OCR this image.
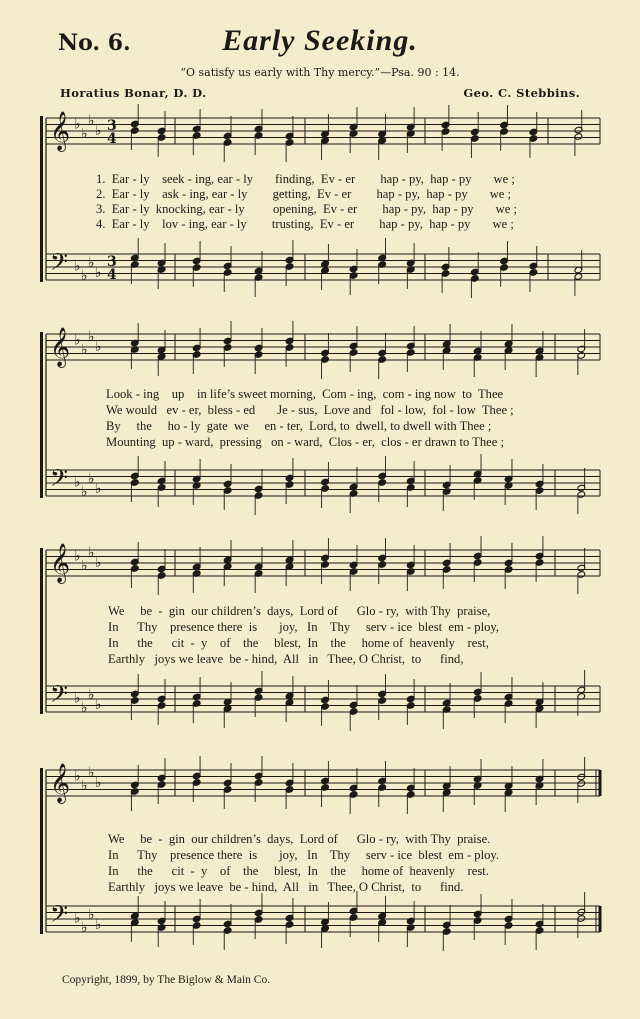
No. 6.	Early Seeking.
“O satisfy us early with Thy mercy.”—Psa. 90 : 14.
Horatius Bonar, D. D.	Geo. C. Stebbins.
𝄞
𝄢
♭
♭
♭
♭
♭
♭
♭
♭
3
4
3
4
𝄞
𝄢
♭
♭
♭
♭
♭
♭
♭
♭
𝄞
𝄢
♭
♭
♭
♭
♭
♭
♭
♭
𝄞
𝄢
♭
♭
♭
♭
♭
♭
♭
♭
1.  Ear - ly    seek - ing, ear - ly       finding,  Ev - er        hap - py,  hap - py       we ;
2.  Ear - ly    ask - ing, ear - ly        getting,  Ev - er        hap - py,  hap - py       we ;
3.  Ear - ly  knocking, ear - ly         opening,  Ev - er        hap - py,  hap - py       we ;
4.  Ear - ly    lov - ing, ear - ly        trusting,  Ev - er        hap - py,  hap - py       we ;
Look - ing    up    in life’s sweet morning,  Com - ing,  com - ing now  to  Thee
We would   ev - er,  bless - ed       Je - sus,  Love and   fol - low,  fol - low  Thee ;
By     the     ho - ly  gate  we     en - ter,  Lord, to  dwell, to dwell with Thee ;
Mounting  up - ward,  pressing   on - ward,  Clos - er,  clos - er drawn to Thee ;
We     be  -  gin  our children’s  days,  Lord of      Glo - ry,  with Thy  praise,
In      Thy    presence there  is       joy,   In    Thy     serv - ice  blest  em - ploy,
In      the      cit  -  y    of    the     blest,  In    the     home of  heavenly    rest,
Earthly   joys we leave  be - hind,  All   in   Thee, O Christ,  to      find,
We     be  -  gin  our children’s  days,  Lord of      Glo - ry,  with Thy  praise.
In      Thy    presence there  is       joy,   In    Thy     serv - ice  blest  em - ploy.
In      the      cit  -  y    of    the     blest,  In    the     home of  heavenly    rest.
Earthly   joys we leave  be - hind,  All   in   Thee, O Christ,  to      find.
Copyright, 1899, by The Biglow & Main Co.
